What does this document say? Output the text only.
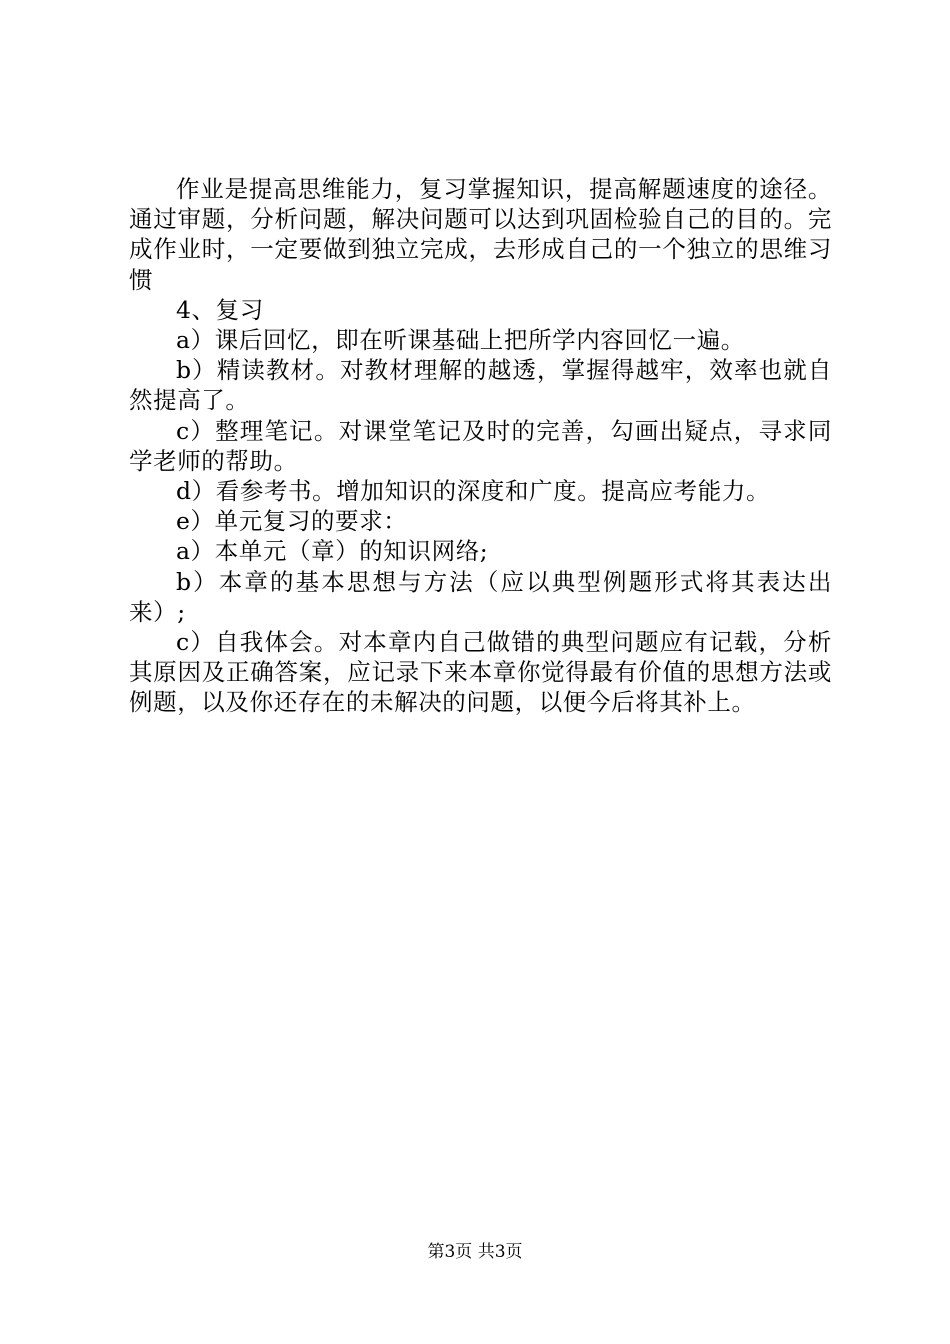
作业是提高思维能力，复习掌握知识，提高解题速度的途径。通过审题，分析问题，解决问题可以达到巩固检验自己的目的。完成作业时，一定要做到独立完成，去形成自己的一个独立的思维习惯

4、复习

a）课后回忆，即在听课基础上把所学内容回忆一遍。

b）精读教材。对教材理解的越透，掌握得越牢，效率也就自然提高了。

c）整理笔记。对课堂笔记及时的完善，勾画出疑点，寻求同学老师的帮助。

d）看参考书。增加知识的深度和广度。提高应考能力。

e）单元复习的要求：

a）本单元（章）的知识网络;

b）本章的基本思想与方法（应以典型例题形式将其表达出来）;

c）自我体会。对本章内自己做错的典型问题应有记载，分析其原因及正确答案，应记录下来本章你觉得最有价值的思想方法或例题，以及你还存在的未解决的问题，以便今后将其补上。

第3页 共3页
